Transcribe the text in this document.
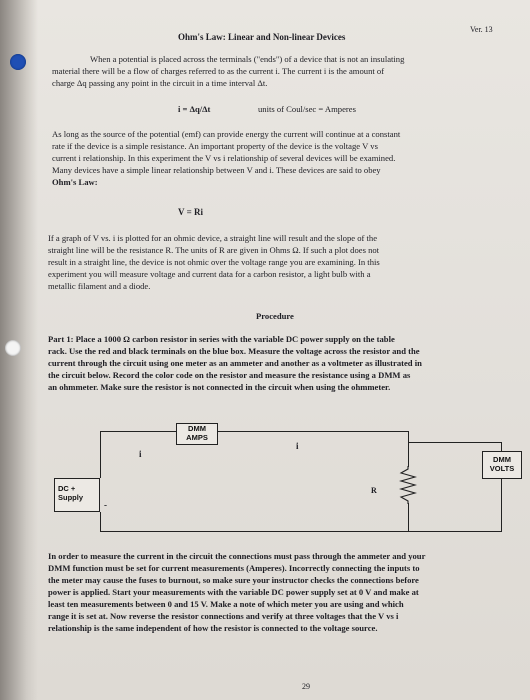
Ver. 13
Ohm's Law: Linear and Non-linear Devices
When a potential is placed across the terminals ("ends") of a device that is not an insulating
material there will be a flow of charges referred to as the current i. The current i is the amount of
charge Δq passing any point in the circuit in a time interval Δt.
i = Δq/Δt	units of Coul/sec = Amperes
As long as the source of the potential (emf) can provide energy the current will continue at a constant
rate if the device is a simple resistance. An important property of the device is the voltage V vs
current i relationship. In this experiment the V vs i relationship of several devices will be examined.
Many devices have a simple linear relationship between V and i. These devices are said to obey
Ohm's Law:
V = Ri
If a graph of V vs. i is plotted for an ohmic device, a straight line will result and the slope of the
straight line will be the resistance R. The units of R are given in Ohms Ω. If such a plot does not
result in a straight line, the device is not ohmic over the voltage range you are examining. In this
experiment you will measure voltage and current data for a carbon resistor, a light bulb with a
metallic filament and a diode.
Procedure
Part 1: Place a 1000 Ω carbon resistor in series with the variable DC power supply on the table
rack. Use the red and black terminals on the blue box. Measure the voltage across the resistor and the
current through the circuit using one meter as an ammeter and another as a voltmeter as illustrated in
the circuit below. Record the color code on the resistor and measure the resistance using a DMM as
an ohmmeter. Make sure the resistor is not connected in the circuit when using the ohmmeter.
DMM
AMPS
DMM
VOLTS
DC +
Supply
-
i
i
R
In order to measure the current in the circuit the connections must pass through the ammeter and your
DMM function must be set for current measurements (Amperes). Incorrectly connecting the inputs to
the meter may cause the fuses to burnout, so make sure your instructor checks the connections before
power is applied. Start your measurements with the variable DC power supply set at 0 V and make at
least ten measurements between 0 and 15 V. Make a note of which meter you are using and which
range it is set at. Now reverse the resistor connections and verify at three voltages that the V vs i
relationship is the same independent of how the resistor is connected to the voltage source.
29
